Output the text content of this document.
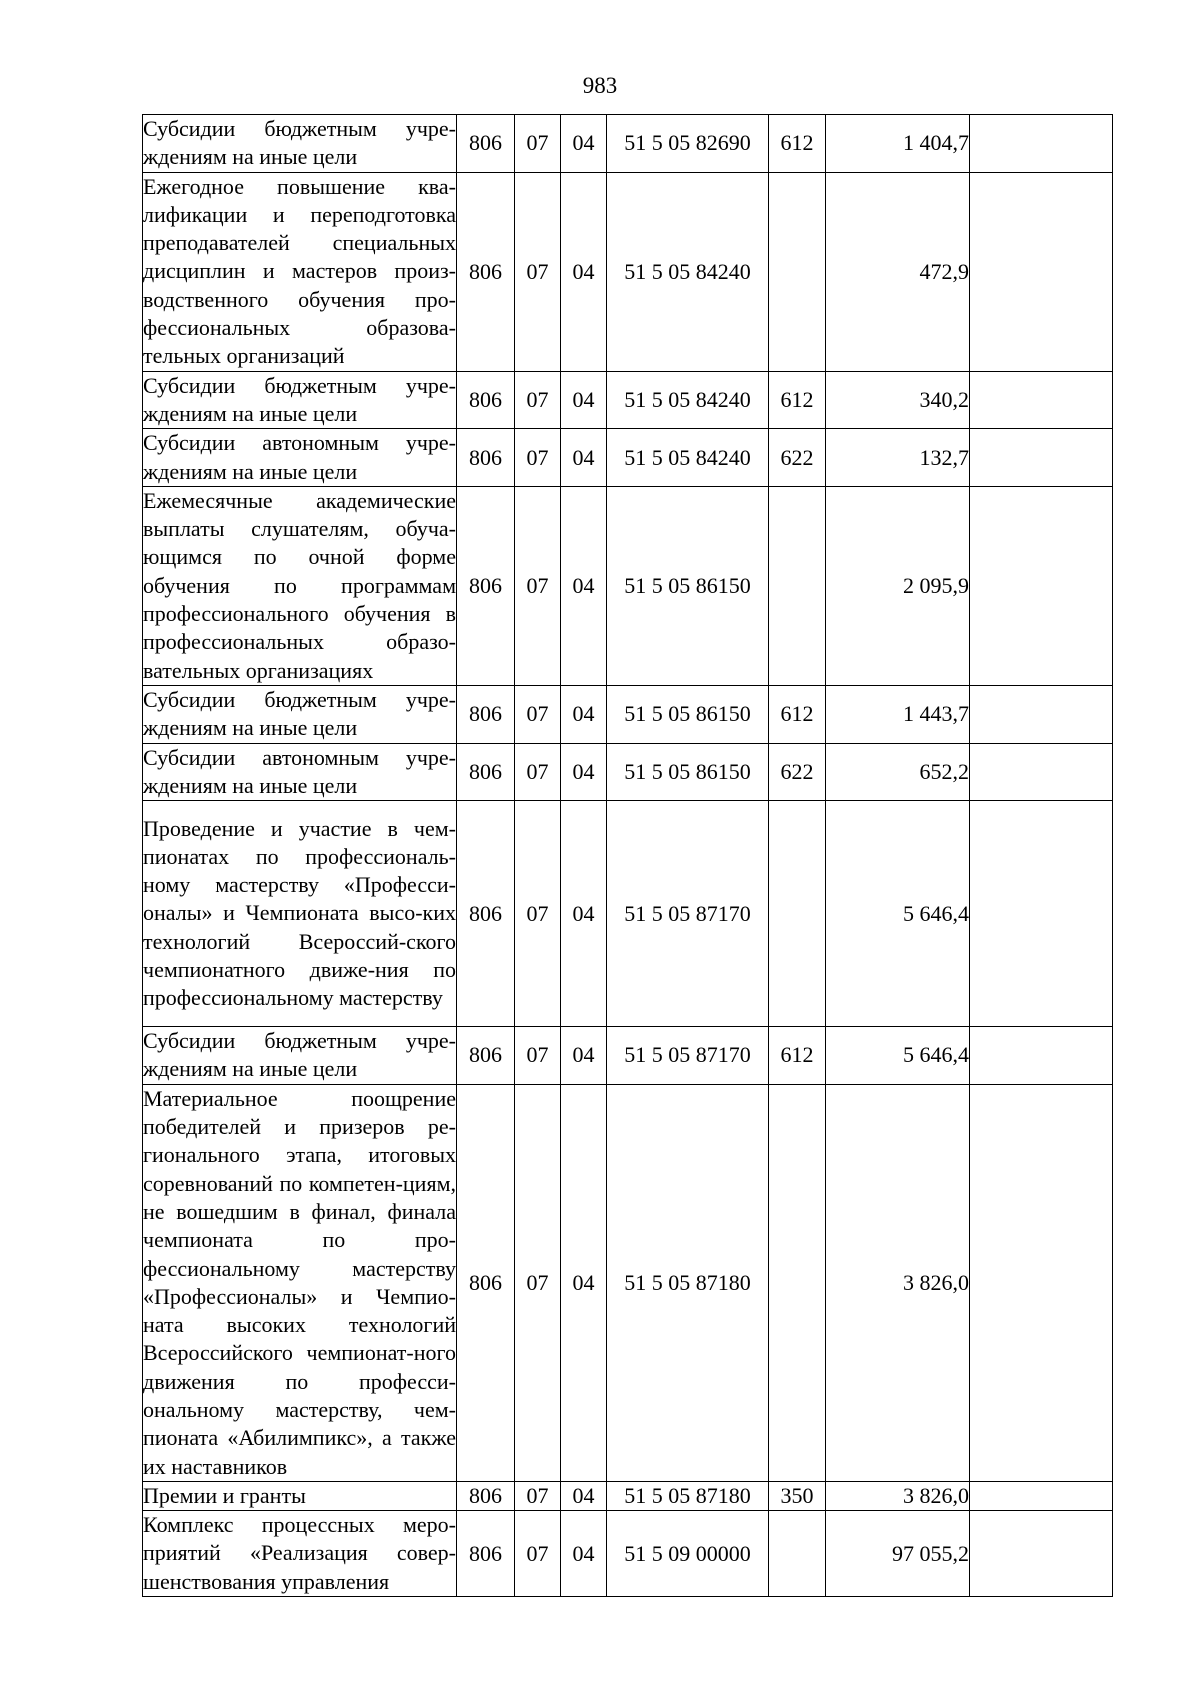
983
Субсидии бюджетным учре-ждениям на иные цели	806	07	04	51 5 05 82690	612	1 404,7	
Ежегодное повышение ква-лификации и переподготовка преподавателей специальных дисциплин и мастеров произ-водственного обучения про-фессиональных образова-тельных организаций	806	07	04	51 5 05 84240		472,9	
Субсидии бюджетным учре-ждениям на иные цели	806	07	04	51 5 05 84240	612	340,2	
Субсидии автономным учре-ждениям на иные цели	806	07	04	51 5 05 84240	622	132,7	
Ежемесячные академические выплаты слушателям, обуча-ющимся по очной форме обучения по программам профессионального обучения в профессиональных образо-вательных организациях	806	07	04	51 5 05 86150		2 095,9	
Субсидии бюджетным учре-ждениям на иные цели	806	07	04	51 5 05 86150	612	1 443,7	
Субсидии автономным учре-ждениям на иные цели	806	07	04	51 5 05 86150	622	652,2	
Проведение и участие в чем-пионатах по профессиональ-ному мастерству «Професси-оналы» и Чемпионата высо-ких технологий Всероссий-ского чемпионатного движе-ния по профессиональному мастерству	806	07	04	51 5 05 87170		5 646,4	
Субсидии бюджетным учре-ждениям на иные цели	806	07	04	51 5 05 87170	612	5 646,4	
Материальное поощрение победителей и призеров ре-гионального этапа, итоговых соревнований по компетен-циям, не вошедшим в финал, финала чемпионата по про-фессиональному мастерству «Профессионалы» и Чемпио-ната высоких технологий Всероссийского чемпионат-ного движения по професси-ональному мастерству, чем-пионата «Абилимпикс», а также их наставников	806	07	04	51 5 05 87180		3 826,0	
Премии и гранты	806	07	04	51 5 05 87180	350	3 826,0	
Комплекс процессных меро-приятий «Реализация совер-шенствования управления	806	07	04	51 5 09 00000		97 055,2	
